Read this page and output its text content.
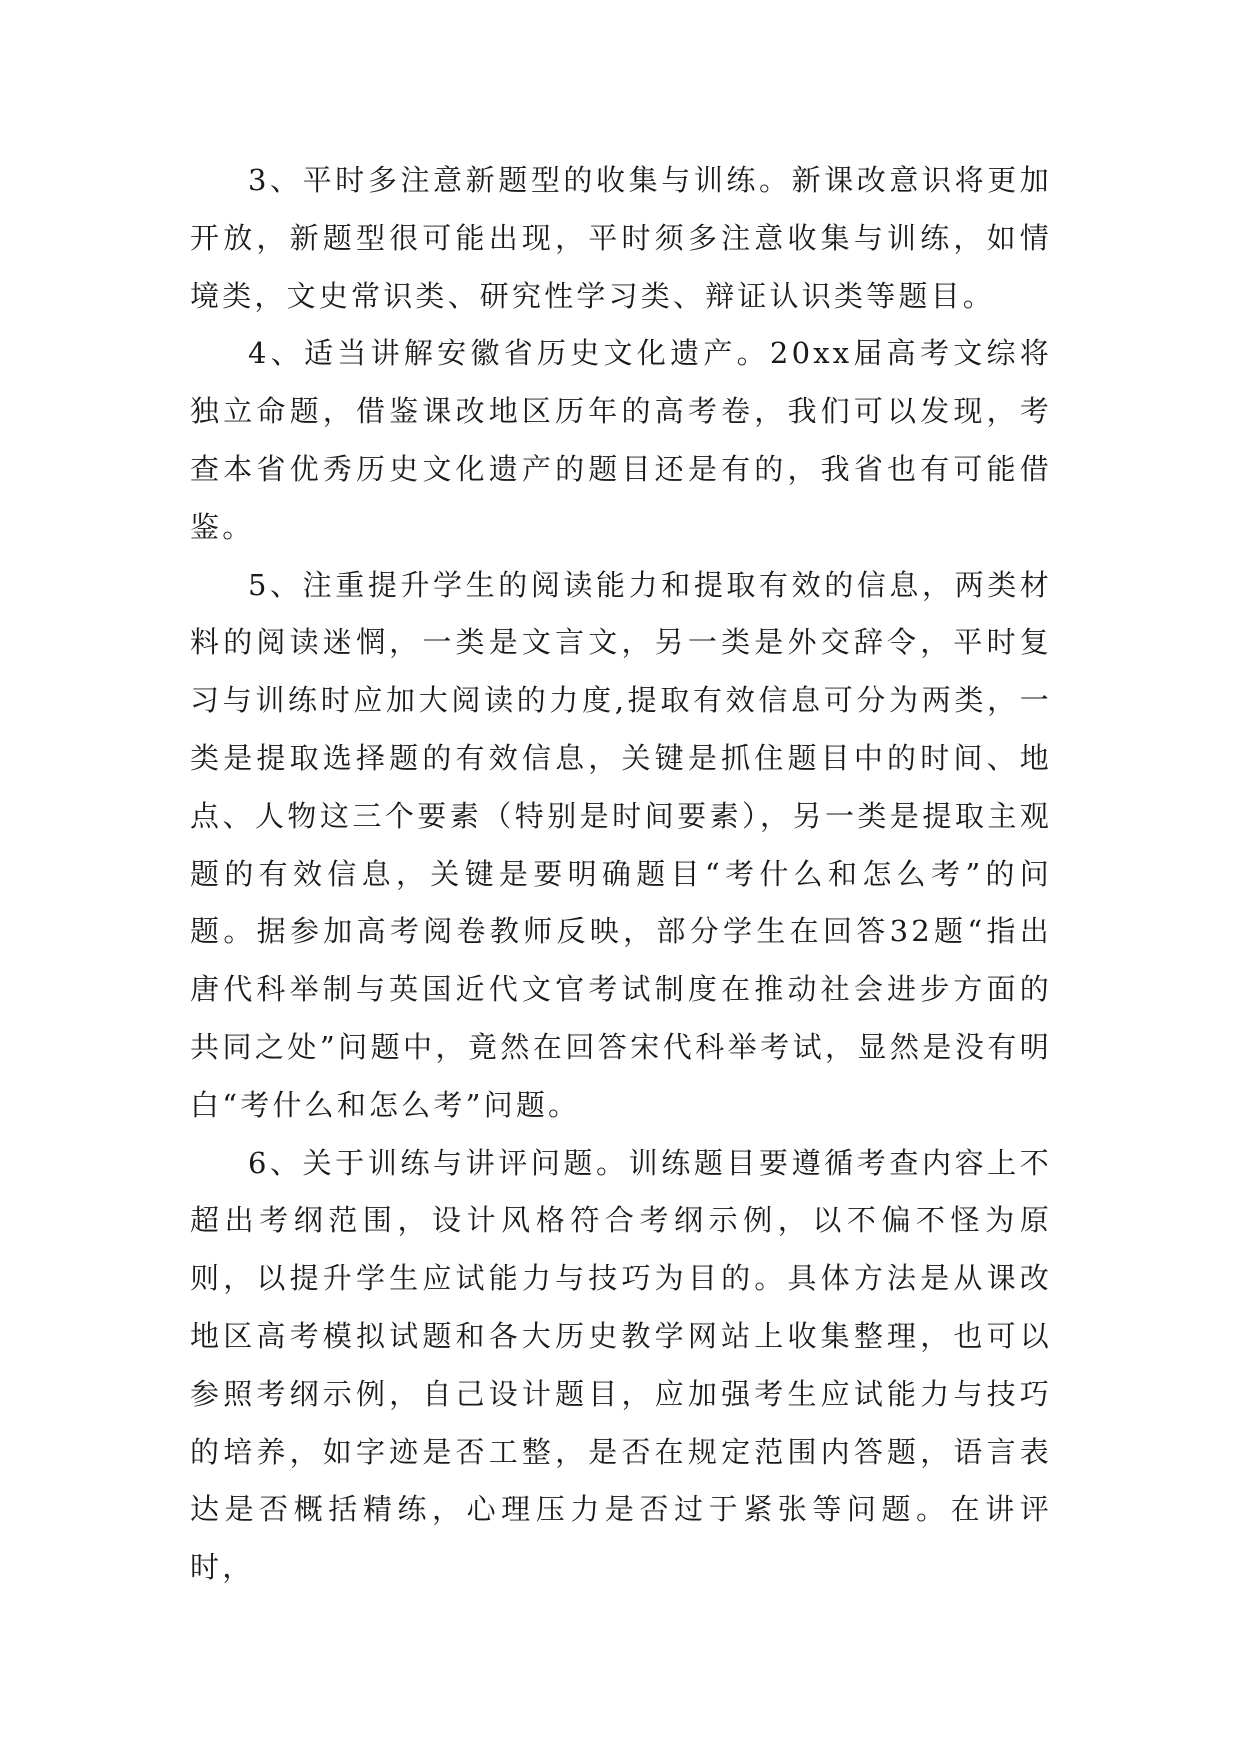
3、平时多注意新题型的收集与训练。新课改意识将更加开放，新题型很可能出现，平时须多注意收集与训练，如情境类，文史常识类、研究性学习类、辩证认识类等题目。

4、适当讲解安徽省历史文化遗产。20xx届高考文综将独立命题，借鉴课改地区历年的高考卷，我们可以发现，考查本省优秀历史文化遗产的题目还是有的，我省也有可能借鉴。

5、注重提升学生的阅读能力和提取有效的信息，两类材料的阅读迷惘，一类是文言文，另一类是外交辞令，平时复习与训练时应加大阅读的力度,提取有效信息可分为两类，一类是提取选择题的有效信息，关键是抓住题目中的时间、地点、人物这三个要素（特别是时间要素），另一类是提取主观题的有效信息，关键是要明确题目“考什么和怎么考”的问题。据参加高考阅卷教师反映，部分学生在回答32题“指出唐代科举制与英国近代文官考试制度在推动社会进步方面的共同之处”问题中，竟然在回答宋代科举考试，显然是没有明白“考什么和怎么考”问题。

6、关于训练与讲评问题。训练题目要遵循考查内容上不超出考纲范围，设计风格符合考纲示例，以不偏不怪为原则，以提升学生应试能力与技巧为目的。具体方法是从课改地区高考模拟试题和各大历史教学网站上收集整理，也可以参照考纲示例，自己设计题目，应加强考生应试能力与技巧的培养，如字迹是否工整，是否在规定范围内答题，语言表达是否概括精练，心理压力是否过于紧张等问题。在讲评时，
